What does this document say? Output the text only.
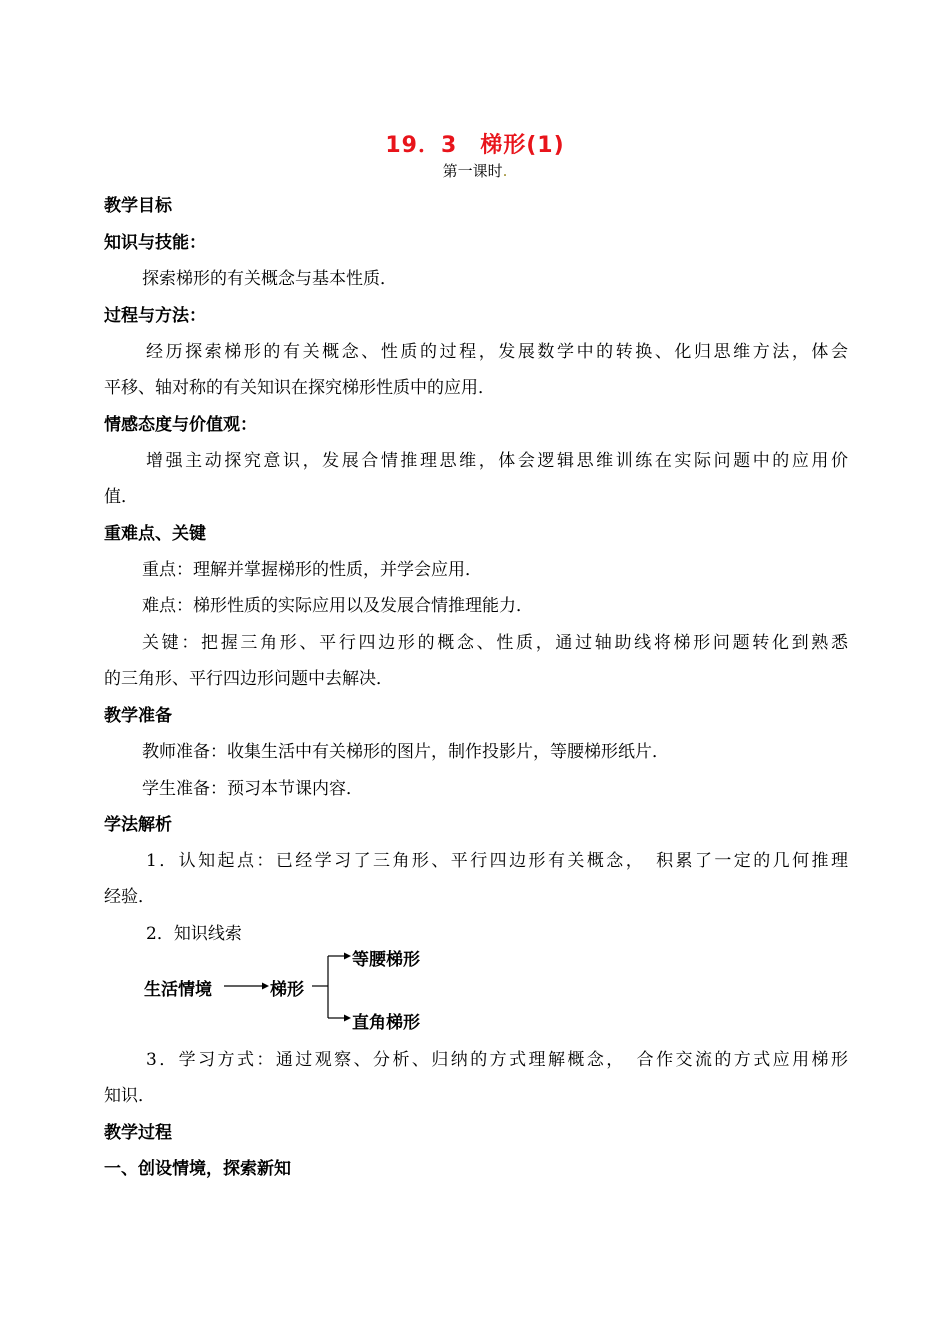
19．3　梯形(1)
第一课时.
教学目标
知识与技能：
探索梯形的有关概念与基本性质．
过程与方法：
经历探索梯形的有关概念、性质的过程，发展数学中的转换、化归思维方法，体会
平移、轴对称的有关知识在探究梯形性质中的应用．
情感态度与价值观：
增强主动探究意识，发展合情推理思维，体会逻辑思维训练在实际问题中的应用价
值．
重难点、关键
重点：理解并掌握梯形的性质，并学会应用．
难点：梯形性质的实际应用以及发展合情推理能力．
关键：把握三角形、平行四边形的概念、性质，通过轴助线将梯形问题转化到熟悉
的三角形、平行四边形问题中去解决．
教学准备
教师准备：收集生活中有关梯形的图片，制作投影片，等腰梯形纸片．
学生准备：预习本节课内容．
学法解析
1．认知起点：已经学习了三角形、平行四边形有关概念，　积累了一定的几何推理
经验．
2．知识线索
生活情境	梯形
等腰梯形
直角梯形
3．学习方式：通过观察、分析、归纳的方式理解概念，　合作交流的方式应用梯形
知识．
教学过程
一、创设情境，探索新知
